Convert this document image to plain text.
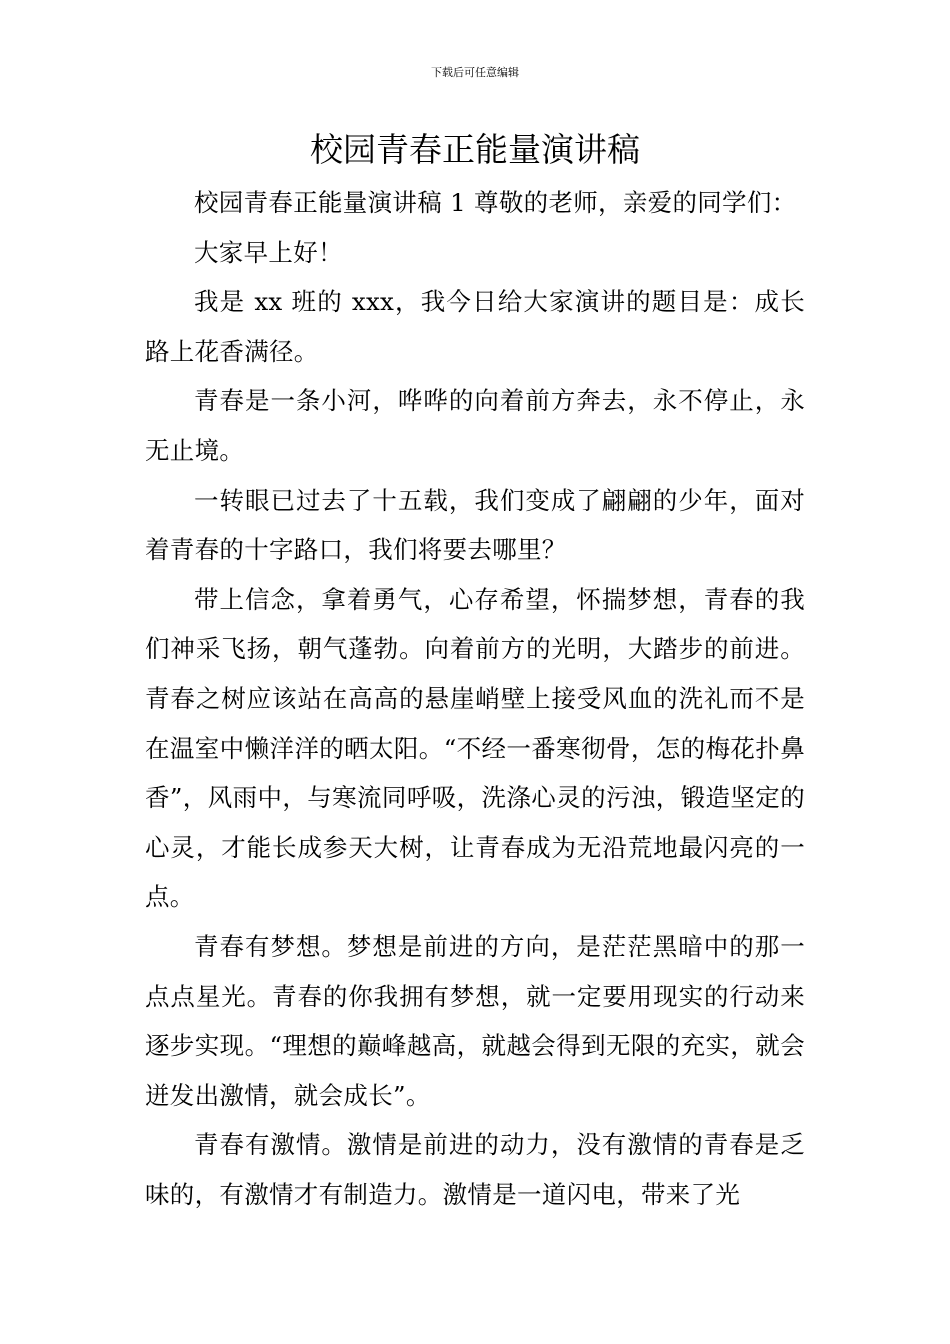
下载后可任意编辑
校园青春正能量演讲稿

校园青春正能量演讲稿 1 尊敬的老师，亲爱的同学们：

大家早上好！

我是 xx 班的 xxx，我今日给大家演讲的题目是：成长路上花香满径。

青春是一条小河，哗哗的向着前方奔去，永不停止，永无止境。

一转眼已过去了十五载，我们变成了翩翩的少年，面对着青春的十字路口，我们将要去哪里？

带上信念，拿着勇气，心存希望，怀揣梦想，青春的我们神采飞扬，朝气蓬勃。向着前方的光明，大踏步的前进。青春之树应该站在高高的悬崖峭壁上接受风血的洗礼而不是在温室中懒洋洋的晒太阳。“不经一番寒彻骨，怎的梅花扑鼻香”，风雨中，与寒流同呼吸，洗涤心灵的污浊，锻造坚定的心灵，才能长成参天大树，让青春成为无沿荒地最闪亮的一点。

青春有梦想。梦想是前进的方向，是茫茫黑暗中的那一点点星光。青春的你我拥有梦想，就一定要用现实的行动来逐步实现。“理想的巅峰越高，就越会得到无限的充实，就会迸发出激情，就会成长”。

青春有激情。激情是前进的动力，没有激情的青春是乏味的，有激情才有制造力。激情是一道闪电，带来了光
